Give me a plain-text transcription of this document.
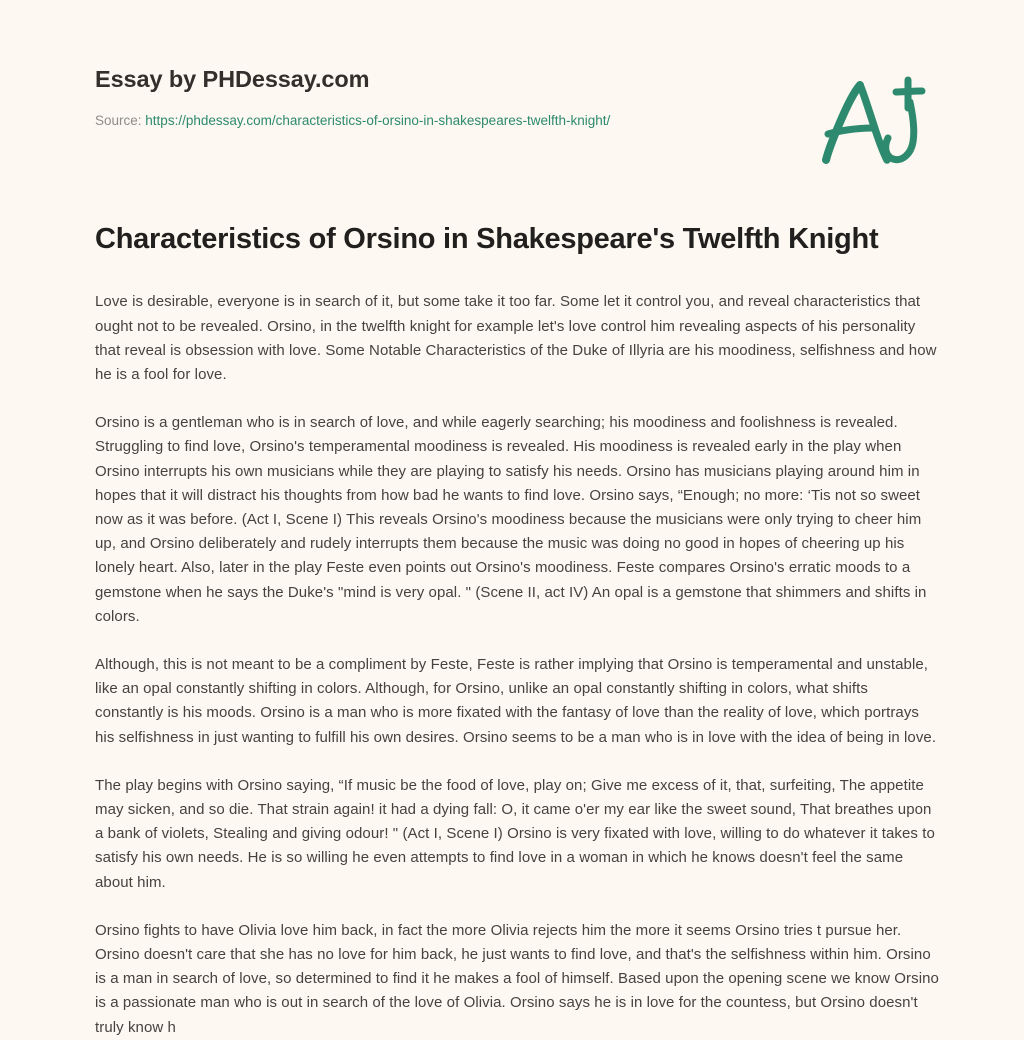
Essay by PHDessay.com
Source: https://phdessay.com/characteristics-of-orsino-in-shakespeares-twelfth-knight/
Characteristics of Orsino in Shakespeare's Twelfth Knight

Love is desirable, everyone is in search of it, but some take it too far. Some let it control you, and reveal characteristics that ought not to be revealed. Orsino, in the twelfth knight for example let's love control him revealing aspects of his personality that reveal is obsession with love. Some Notable Characteristics of the Duke of Illyria are his moodiness, selfishness and how he is a fool for love.

Orsino is a gentleman who is in search of love, and while eagerly searching; his moodiness and foolishness is revealed. Struggling to find love, Orsino's temperamental moodiness is revealed. His moodiness is revealed early in the play when Orsino interrupts his own musicians while they are playing to satisfy his needs. Orsino has musicians playing around him in hopes that it will distract his thoughts from how bad he wants to find love. Orsino says, “Enough; no more: ‘Tis not so sweet now as it was before. (Act I, Scene I) This reveals Orsino's moodiness because the musicians were only trying to cheer him up, and Orsino deliberately and rudely interrupts them because the music was doing no good in hopes of cheering up his lonely heart. Also, later in the play Feste even points out Orsino's moodiness. Feste compares Orsino's erratic moods to a gemstone when he says the Duke's "mind is very opal. " (Scene II, act IV) An opal is a gemstone that shimmers and shifts in colors.

Although, this is not meant to be a compliment by Feste, Feste is rather implying that Orsino is temperamental and unstable, like an opal constantly shifting in colors. Although, for Orsino, unlike an opal constantly shifting in colors, what shifts constantly is his moods. Orsino is a man who is more fixated with the fantasy of love than the reality of love, which portrays his selfishness in just wanting to fulfill his own desires. Orsino seems to be a man who is in love with the idea of being in love.

The play begins with Orsino saying, “If music be the food of love, play on; Give me excess of it, that, surfeiting, The appetite may sicken, and so die. That strain again! it had a dying fall: O, it came o'er my ear like the sweet sound, That breathes upon a bank of violets, Stealing and giving odour! " (Act I, Scene I) Orsino is very fixated with love, willing to do whatever it takes to satisfy his own needs. He is so willing he even attempts to find love in a woman in which he knows doesn't feel the same about him.

Orsino fights to have Olivia love him back, in fact the more Olivia rejects him the more it seems Orsino tries t pursue her. Orsino doesn't care that she has no love for him back, he just wants to find love, and that's the selfishness within him. Orsino is a man in search of love, so determined to find it he makes a fool of himself. Based upon the opening scene we know Orsino is a passionate man who is out in search of the love of Olivia. Orsino says he is in love for the countess, but Orsino doesn't truly know h
